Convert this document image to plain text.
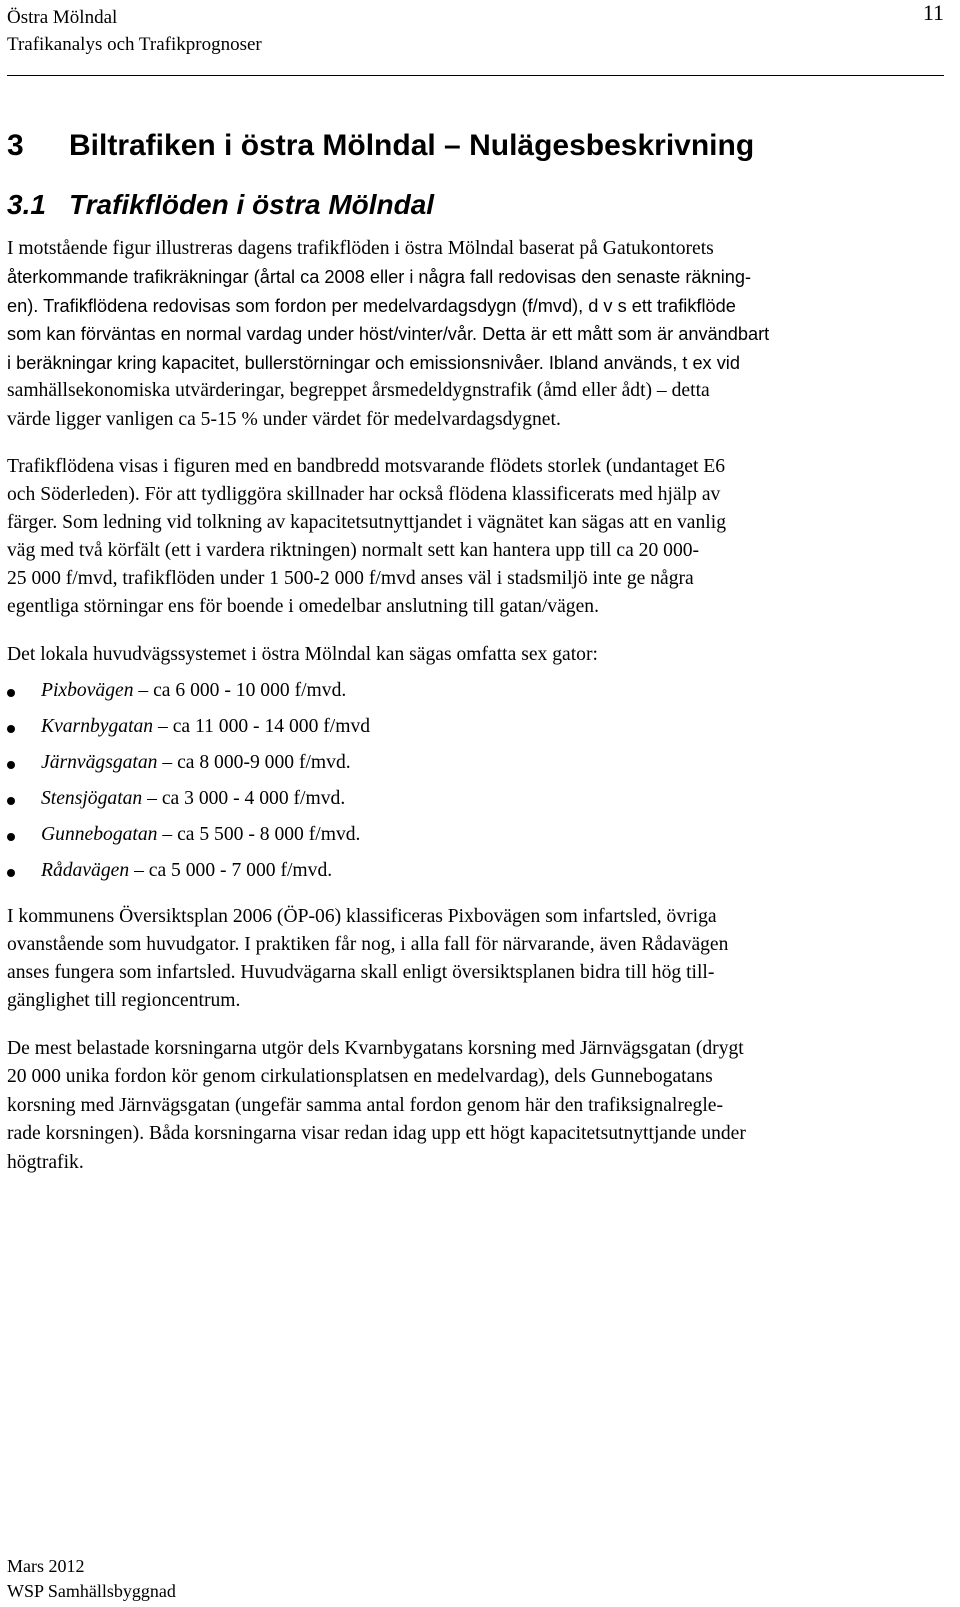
Östra Mölndal
Trafikanalys och Trafikprognoser
11
3 Biltrafiken i östra Mölndal – Nulägesbeskrivning
3.1 Trafikflöden i östra Mölndal
I motstående figur illustreras dagens trafikflöden i östra Mölndal baserat på Gatukontorets
återkommande trafikräkningar (årtal ca 2008 eller i några fall redovisas den senaste räkning-
en). Trafikflödena redovisas som fordon per medelvardagsdygn (f/mvd), d v s ett trafikflöde
som kan förväntas en normal vardag under höst/vinter/vår. Detta är ett mått som är användbart
i beräkningar kring kapacitet, bullerstörningar och emissionsnivåer. Ibland används, t ex vid
samhällsekonomiska utvärderingar, begreppet årsmedeldygnstrafik (åmd eller ådt) – detta
värde ligger vanligen ca 5-15 % under värdet för medelvardagsdygnet.
Trafikflödena visas i figuren med en bandbredd motsvarande flödets storlek (undantaget E6
och Söderleden). För att tydliggöra skillnader har också flödena klassificerats med hjälp av
färger. Som ledning vid tolkning av kapacitetsutnyttjandet i vägnätet kan sägas att en vanlig
väg med två körfält (ett i vardera riktningen) normalt sett kan hantera upp till ca 20 000-
25 000 f/mvd, trafikflöden under 1 500-2 000 f/mvd anses väl i stadsmiljö inte ge några
egentliga störningar ens för boende i omedelbar anslutning till gatan/vägen.
Det lokala huvudvägssystemet i östra Mölndal kan sägas omfatta sex gator:
Pixbovägen – ca 6 000 - 10 000 f/mvd.
Kvarnbygatan – ca 11 000 - 14 000 f/mvd
Järnvägsgatan – ca 8 000-9 000 f/mvd.
Stensjögatan – ca 3 000 - 4 000 f/mvd.
Gunnebogatan – ca 5 500 - 8 000 f/mvd.
Rådavägen – ca 5 000 - 7 000 f/mvd.
I kommunens Översiktsplan 2006 (ÖP-06) klassificeras Pixbovägen som infartsled, övriga
ovanstående som huvudgator. I praktiken får nog, i alla fall för närvarande, även Rådavägen
anses fungera som infartsled. Huvudvägarna skall enligt översiktsplanen bidra till hög till-
gänglighet till regioncentrum.
De mest belastade korsningarna utgör dels Kvarnbygatans korsning med Järnvägsgatan (drygt
20 000 unika fordon kör genom cirkulationsplatsen en medelvardag), dels Gunnebogatans
korsning med Järnvägsgatan (ungefär samma antal fordon genom här den trafiksignalregle-
rade korsningen). Båda korsningarna visar redan idag upp ett högt kapacitetsutnyttjande under
högtrafik.
Mars 2012
WSP Samhällsbyggnad
